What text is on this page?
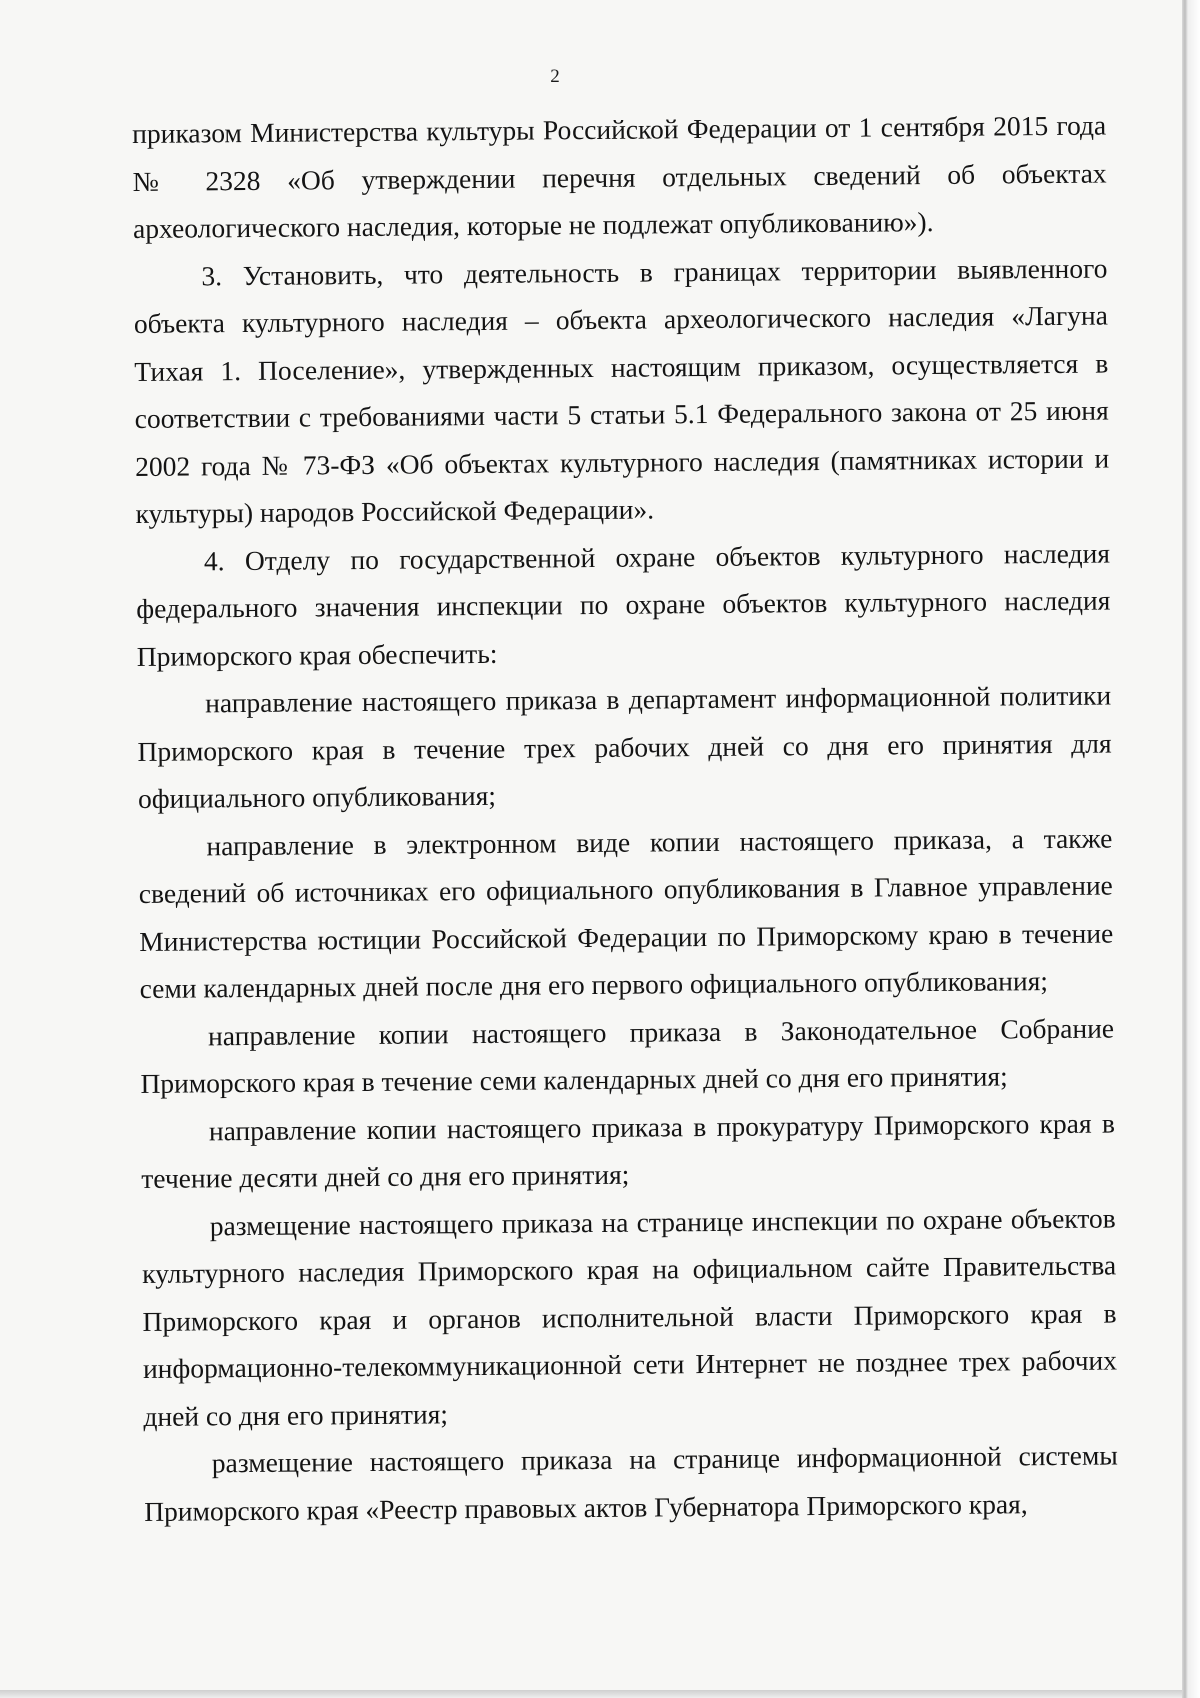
2

приказом Министерства культуры Российской Федерации от 1 сентября 2015 года № 2328 «Об утверждении перечня отдельных сведений об объектах археологического наследия, которые не подлежат опубликованию»).

3. Установить, что деятельность в границах территории выявленного объекта культурного наследия – объекта археологического наследия «Лагуна Тихая 1. Поселение», утвержденных настоящим приказом, осуществляется в соответствии с требованиями части 5 статьи 5.1 Федерального закона от 25 июня 2002 года № 73-ФЗ «Об объектах культурного наследия (памятниках истории и культуры) народов Российской Федерации».

4. Отделу по государственной охране объектов культурного наследия федерального значения инспекции по охране объектов культурного наследия Приморского края обеспечить:

направление настоящего приказа в департамент информационной политики Приморского края в течение трех рабочих дней со дня его принятия для официального опубликования;

направление в электронном виде копии настоящего приказа, а также сведений об источниках его официального опубликования в Главное управление Министерства юстиции Российской Федерации по Приморскому краю в течение семи календарных дней после дня его первого официального опубликования;

направление копии настоящего приказа в Законодательное Собрание Приморского края в течение семи календарных дней со дня его принятия;

направление копии настоящего приказа в прокуратуру Приморского края в течение десяти дней со дня его принятия;

размещение настоящего приказа на странице инспекции по охране объектов культурного наследия Приморского края на официальном сайте Правительства Приморского края и органов исполнительной власти Приморского края в информационно-телекоммуникационной сети Интернет не позднее трех рабочих дней со дня его принятия;

размещение настоящего приказа на странице информационной системы Приморского края «Реестр правовых актов Губернатора Приморского края,
